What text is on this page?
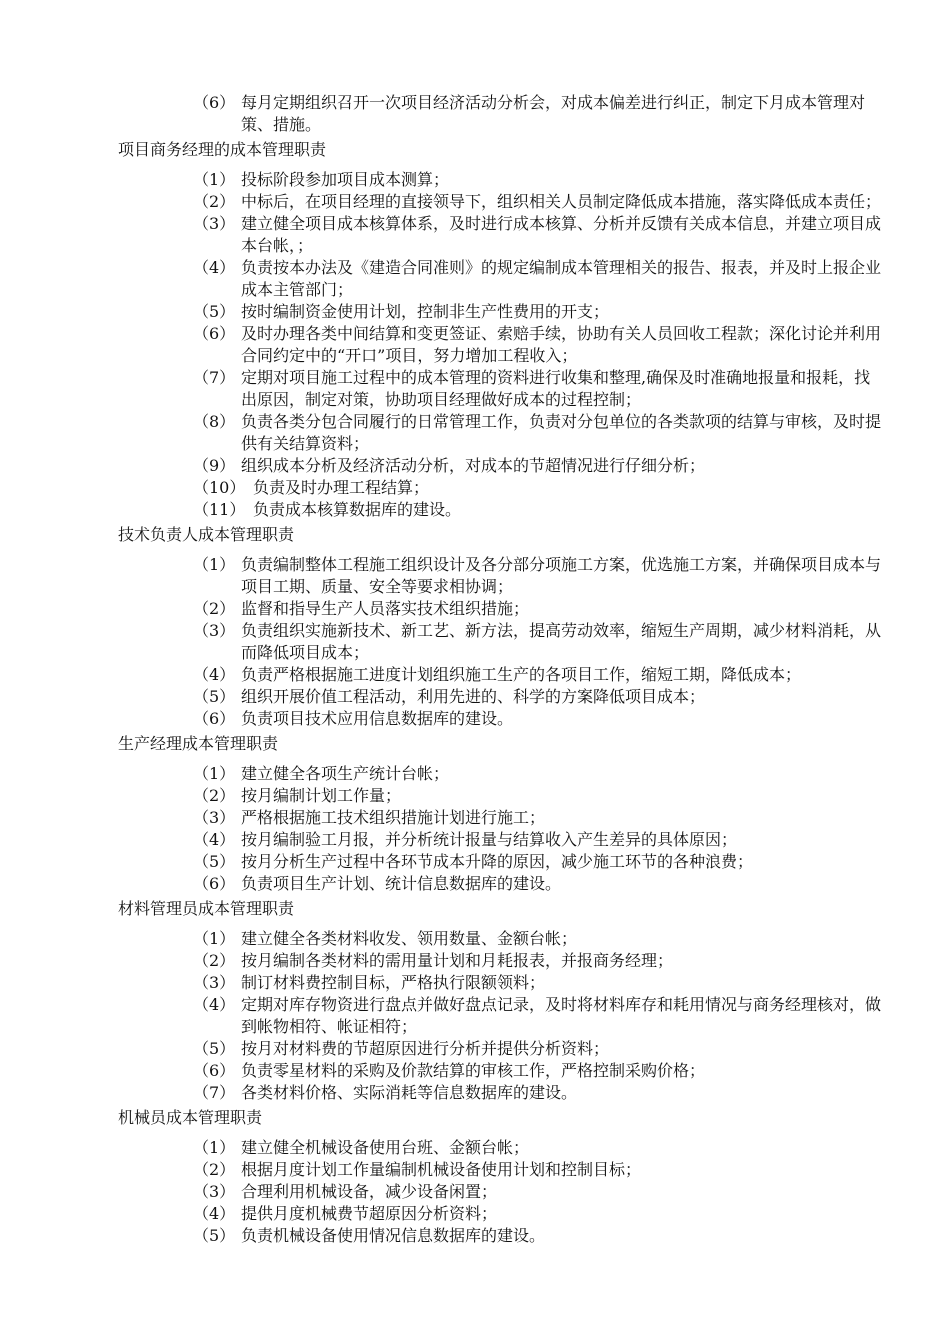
（6） 每月定期组织召开一次项目经济活动分析会，对成本偏差进行纠正，制定下月成本管理对策、措施。
项目商务经理的成本管理职责
（1） 投标阶段参加项目成本测算；
（2） 中标后，在项目经理的直接领导下，组织相关人员制定降低成本措施，落实降低成本责任；
（3） 建立健全项目成本核算体系，及时进行成本核算、分析并反馈有关成本信息，并建立项目成本台帐，；
（4） 负责按本办法及《建造合同准则》的规定编制成本管理相关的报告、报表，并及时上报企业成本主管部门；
（5） 按时编制资金使用计划，控制非生产性费用的开支；
（6） 及时办理各类中间结算和变更签证、索赔手续，协助有关人员回收工程款；深化讨论并利用合同约定中的“开口”项目，努力增加工程收入；
（7） 定期对项目施工过程中的成本管理的资料进行收集和整理,确保及时准确地报量和报耗，找出原因，制定对策，协助项目经理做好成本的过程控制；
（8） 负责各类分包合同履行的日常管理工作，负责对分包单位的各类款项的结算与审核，及时提供有关结算资料；
（9） 组织成本分析及经济活动分析，对成本的节超情况进行仔细分析；
（10） 负责及时办理工程结算；
（11） 负责成本核算数据库的建设。
技术负责人成本管理职责
（1） 负责编制整体工程施工组织设计及各分部分项施工方案，优选施工方案，并确保项目成本与项目工期、质量、安全等要求相协调；
（2） 监督和指导生产人员落实技术组织措施；
（3） 负责组织实施新技术、新工艺、新方法，提高劳动效率，缩短生产周期，减少材料消耗，从而降低项目成本；
（4） 负责严格根据施工进度计划组织施工生产的各项目工作，缩短工期，降低成本；
（5） 组织开展价值工程活动，利用先进的、科学的方案降低项目成本；
（6） 负责项目技术应用信息数据库的建设。
生产经理成本管理职责
（1） 建立健全各项生产统计台帐；
（2） 按月编制计划工作量；
（3） 严格根据施工技术组织措施计划进行施工；
（4） 按月编制验工月报，并分析统计报量与结算收入产生差异的具体原因；
（5） 按月分析生产过程中各环节成本升降的原因，减少施工环节的各种浪费；
（6） 负责项目生产计划、统计信息数据库的建设。
材料管理员成本管理职责
（1） 建立健全各类材料收发、领用数量、金额台帐；
（2） 按月编制各类材料的需用量计划和月耗报表，并报商务经理；
（3） 制订材料费控制目标，严格执行限额领料；
（4） 定期对库存物资进行盘点并做好盘点记录，及时将材料库存和耗用情况与商务经理核对，做到帐物相符、帐证相符；
（5） 按月对材料费的节超原因进行分析并提供分析资料；
（6） 负责零星材料的采购及价款结算的审核工作，严格控制采购价格；
（7） 各类材料价格、实际消耗等信息数据库的建设。
机械员成本管理职责
（1） 建立健全机械设备使用台班、金额台帐；
（2） 根据月度计划工作量编制机械设备使用计划和控制目标；
（3） 合理利用机械设备，减少设备闲置；
（4） 提供月度机械费节超原因分析资料；
（5） 负责机械设备使用情况信息数据库的建设。
